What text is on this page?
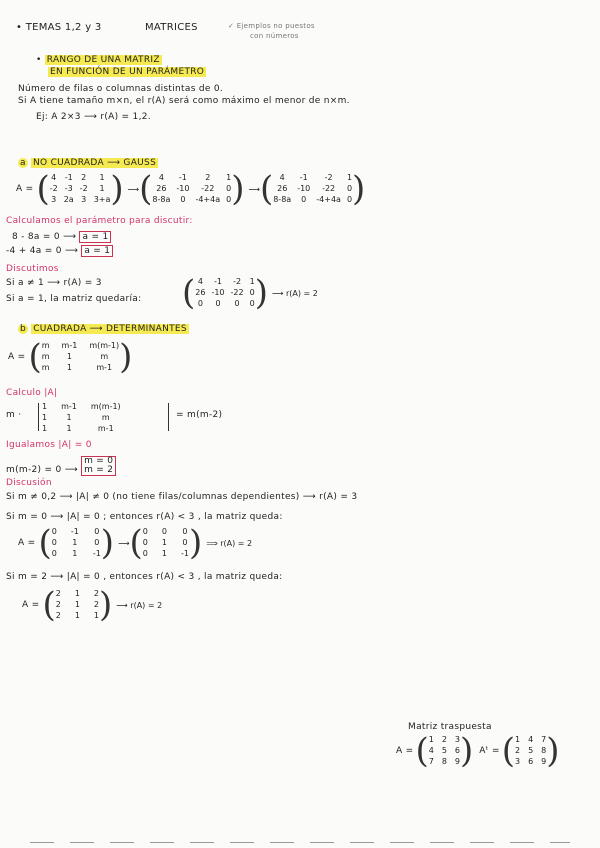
• TEMAS 1,2 y 3	MATRICES	✓ Ejemplos no puestos
con números
• RANGO DE UNA MATRIZ
EN FUNCIÓN DE UN PARÁMETRO
Número de filas o columnas distintas de 0.
Si A tiene tamaño m×n, el r(A) será como máximo el menor de n×m.
Ej: A 2×3 ⟶ r(A) = 1,2.
a NO CUADRADA ⟶ GAUSS
A = ( 4 -1 2	1
-2 -3 -2	1
3 2a 3 3+a ) ⟶ ( 4	-1	2	1
26	-10	-22	0
8-8a	0	-4+4a 0 ) ⟶ ( 4	-1	-2	1
26	-10	-22	0
8-8a	0	-4+4a 0 )
Calculamos el parámetro para discutir:
8 - 8a = 0 ⟶ a = 1
-4 + 4a = 0 ⟶ a = 1
Discutimos
Si a ≠ 1 ⟶ r(A) = 3
Si a = 1, la matriz quedaría: ( 4	-1	-2	1
26 -10 -22 0
0	0	0	0 ) ⟶ r(A) = 2
b CUADRADA ⟶ DETERMINANTES
A = ( m m-1 m(m-1)
m	1	m
m	1	m-1 )
Calculo |A|
m ·
1 m-1 m(m-1)
1	1	m
1	1	m-1
= m(m-2)
Igualamos |A| = 0
m(m-2) = 0 ⟶ m = 0
m = 2
Discusión
Si m ≠ 0,2 ⟶ |A| ≠ 0 (no tiene filas/columnas dependientes) ⟶ r(A) = 3
Si m = 0 ⟶ |A| = 0 ; entonces r(A) < 3 , la matriz queda:
A = ( 0 -1 0
0 1 0
0 1 -1 ) ⟶ ( 0 0 0
0 1 0
0 1 -1 ) ⟹ r(A) = 2
Si m = 2 ⟶ |A| = 0 , entonces r(A) < 3 , la matriz queda:
A = ( 2 1 2
2 1 2
2 1 1 ) ⟶ r(A) = 2
Matriz traspuesta
A = ( 1 2 3
4 5 6
7 8 9 ) Aᵗ = ( 1 4 7
2 5 8
3 6 9 )
